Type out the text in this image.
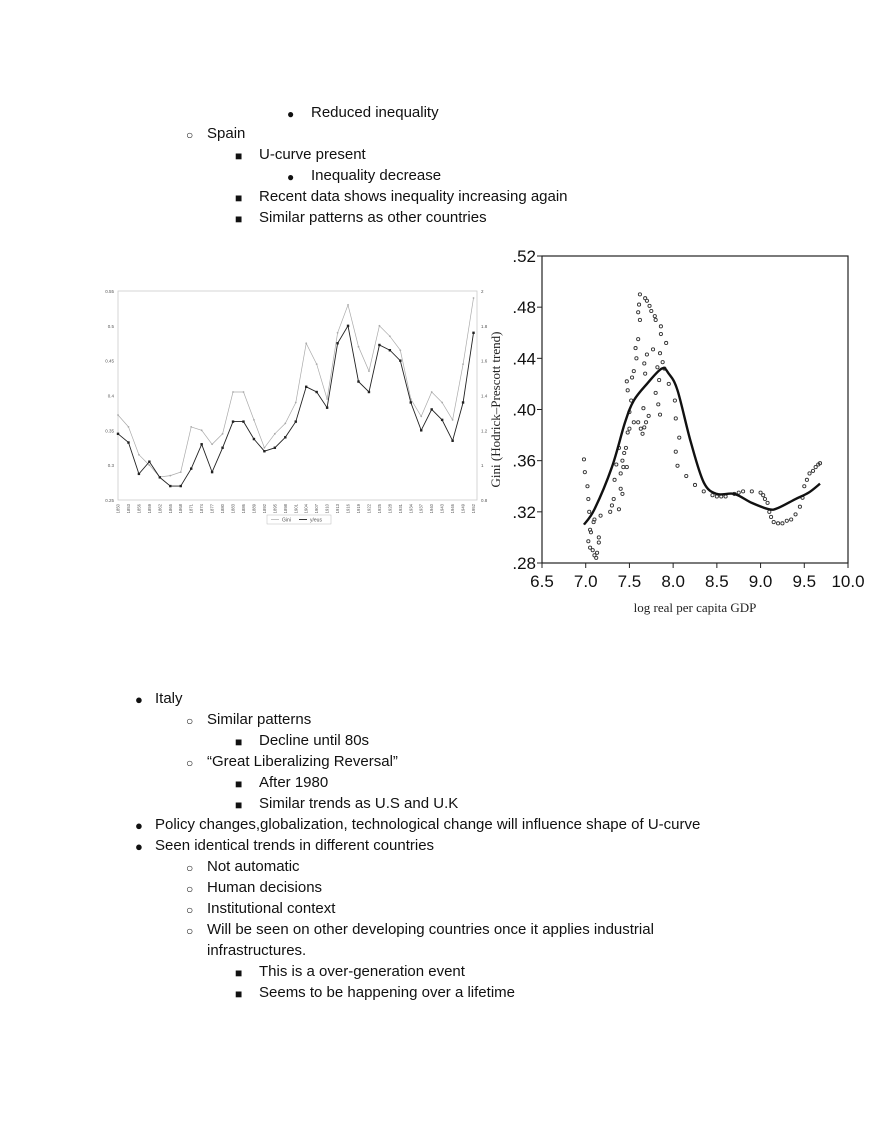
● Reduced inequality
○ Spain
■ U-curve present
● Inequality decrease
■ Recent data shows inequality increasing again
■ Similar patterns as other countries
0.25
0.3
0.35
0.4
0.45
0.5
0.55
0.8
1
1.2
1.4
1.6
1.8
2
1850 1853 1856 1859 1862 1865 1868 1871 1874 1877 1880 1883 1886 1889 1892 1895 1898 1901 1904 1907 1910 1913 1916 1919 1922 1925 1928 1931 1934 1937 1940 1943 1946 1949 1952
Gini	y/eus
.28
.32
.36
.40
.44
.48
.52
6.5 7.0 7.5 8.0 8.5 9.0 9.5 10.0
log real per capita GDP
Gini (Hodrick–Prescott trend)
● Italy
○ Similar patterns
■ Decline until 80s
○ “Great Liberalizing Reversal”
■ After 1980
■ Similar trends as U.S and U.K
● Policy changes,globalization, technological change will influence shape of U-curve
● Seen identical trends in different countries
○ Not automatic
○ Human decisions
○ Institutional context
○ Will be seen on other developing countries once it applies industrial
infrastructures.
■ This is a over-generation event
■ Seems to be happening over a lifetime
